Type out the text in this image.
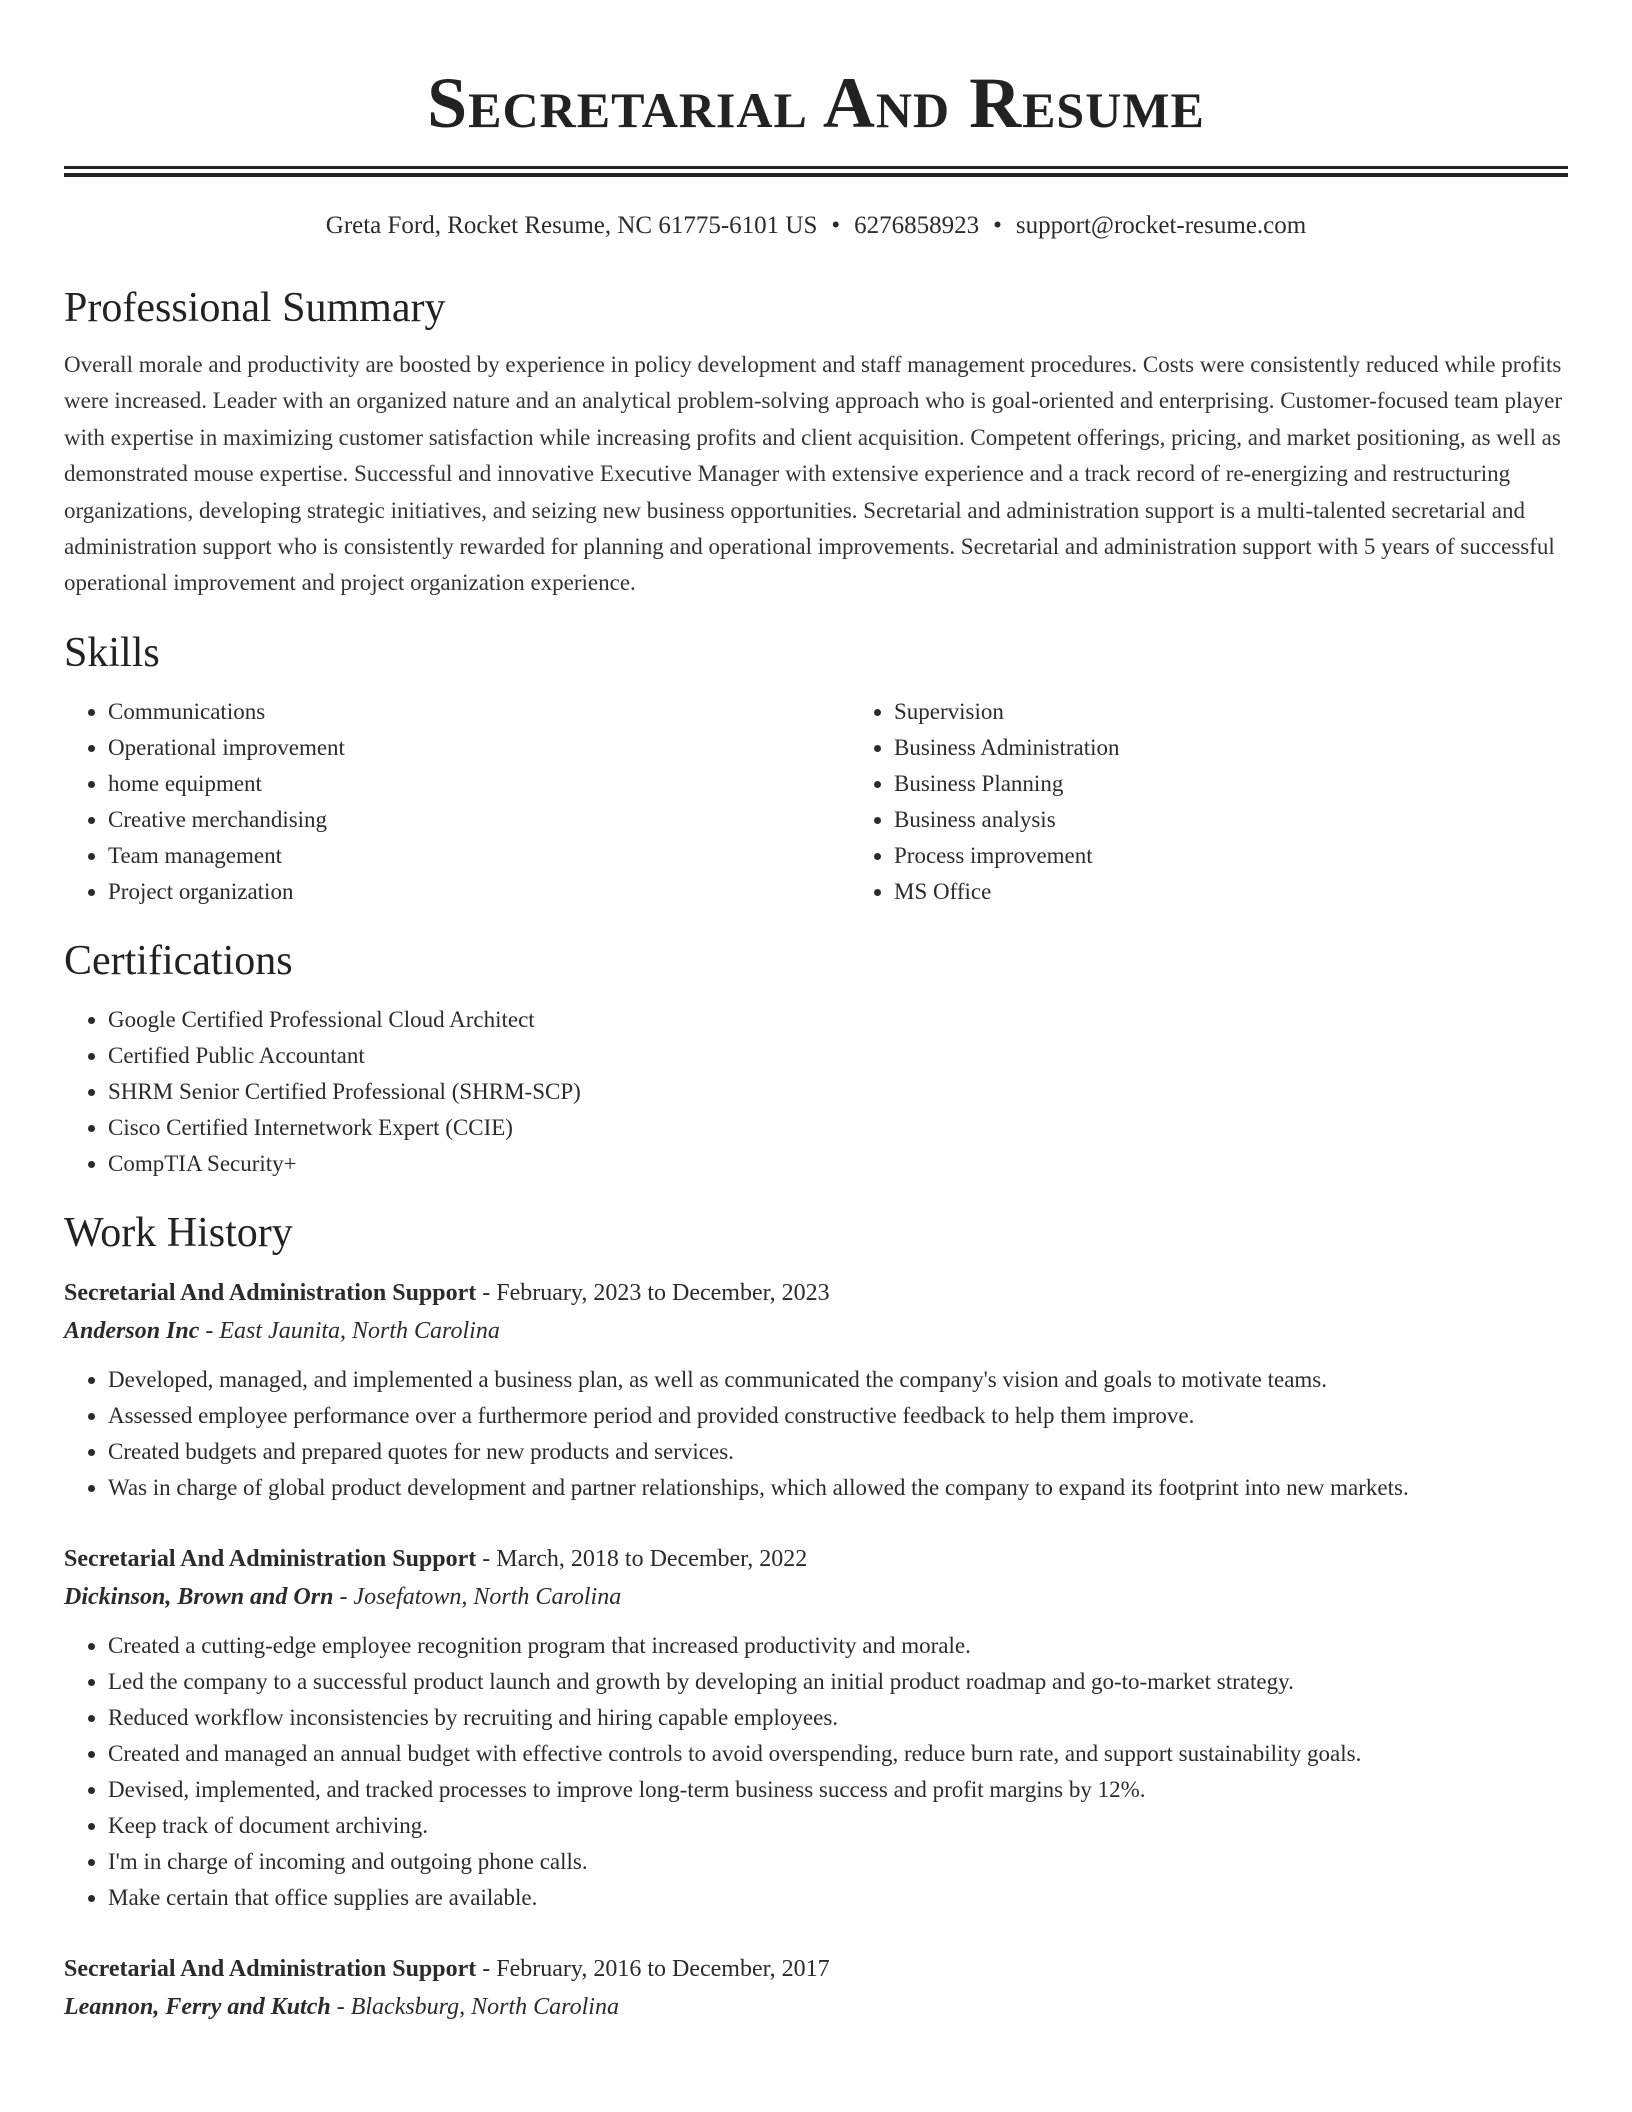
Secretarial And Resume
Greta Ford, Rocket Resume, NC 61775-6101 US • 6276858923 • support@rocket-resume.com
Professional Summary

Overall morale and productivity are boosted by experience in policy development and staff management procedures. Costs were consistently reduced while profits were increased. Leader with an organized nature and an analytical problem-solving approach who is goal-oriented and enterprising. Customer-focused team player with expertise in maximizing customer satisfaction while increasing profits and client acquisition. Competent offerings, pricing, and market positioning, as well as demonstrated mouse expertise. Successful and innovative Executive Manager with extensive experience and a track record of re-energizing and restructuring organizations, developing strategic initiatives, and seizing new business opportunities. Secretarial and administration support is a multi-talented secretarial and administration support who is consistently rewarded for planning and operational improvements. Secretarial and administration support with 5 years of successful operational improvement and project organization experience.

Skills
• Communications
• Operational improvement
• home equipment
• Creative merchandising
• Team management
• Project organization
• Supervision
• Business Administration
• Business Planning
• Business analysis
• Process improvement
• MS Office
Certifications
• Google Certified Professional Cloud Architect
• Certified Public Accountant
• SHRM Senior Certified Professional (SHRM-SCP)
• Cisco Certified Internetwork Expert (CCIE)
• CompTIA Security+
Work History
Secretarial And Administration Support - February, 2023 to December, 2023
Anderson Inc - East Jaunita, North Carolina
• Developed, managed, and implemented a business plan, as well as communicated the company's vision and goals to motivate teams.
• Assessed employee performance over a furthermore period and provided constructive feedback to help them improve.
• Created budgets and prepared quotes for new products and services.
• Was in charge of global product development and partner relationships, which allowed the company to expand its footprint into new markets.
Secretarial And Administration Support - March, 2018 to December, 2022
Dickinson, Brown and Orn - Josefatown, North Carolina
• Created a cutting-edge employee recognition program that increased productivity and morale.
• Led the company to a successful product launch and growth by developing an initial product roadmap and go-to-market strategy.
• Reduced workflow inconsistencies by recruiting and hiring capable employees.
• Created and managed an annual budget with effective controls to avoid overspending, reduce burn rate, and support sustainability goals.
• Devised, implemented, and tracked processes to improve long-term business success and profit margins by 12%.
• Keep track of document archiving.
• I'm in charge of incoming and outgoing phone calls.
• Make certain that office supplies are available.
Secretarial And Administration Support - February, 2016 to December, 2017
Leannon, Ferry and Kutch - Blacksburg, North Carolina
